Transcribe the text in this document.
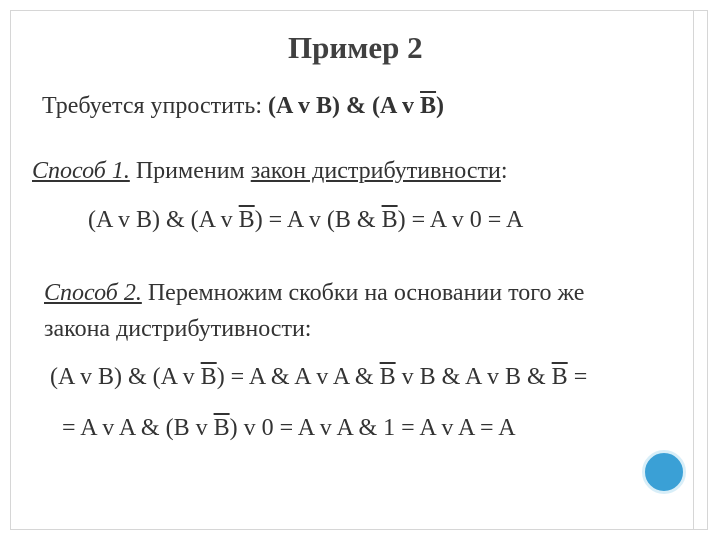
Пример 2
Требуется упростить: (A v B) & (A v $\overline{B}$)
Способ 1. Применим закон дистрибутивности:
(A v B) & (A v $\overline{B}) = A$ v (B & $\overline{B}) = A$ v 0 = A
Способ 2. Перемножим скобки на основании того же
закона дистрибутивности:
(A v B) & (A v $\overline{B}) = A$ & A v A & $\overline{B}$ v B & A v B & $\overline{B}$ =
= A v A & (B v $\overline{B}$) v 0 = A v A & 1 = A v A = A
